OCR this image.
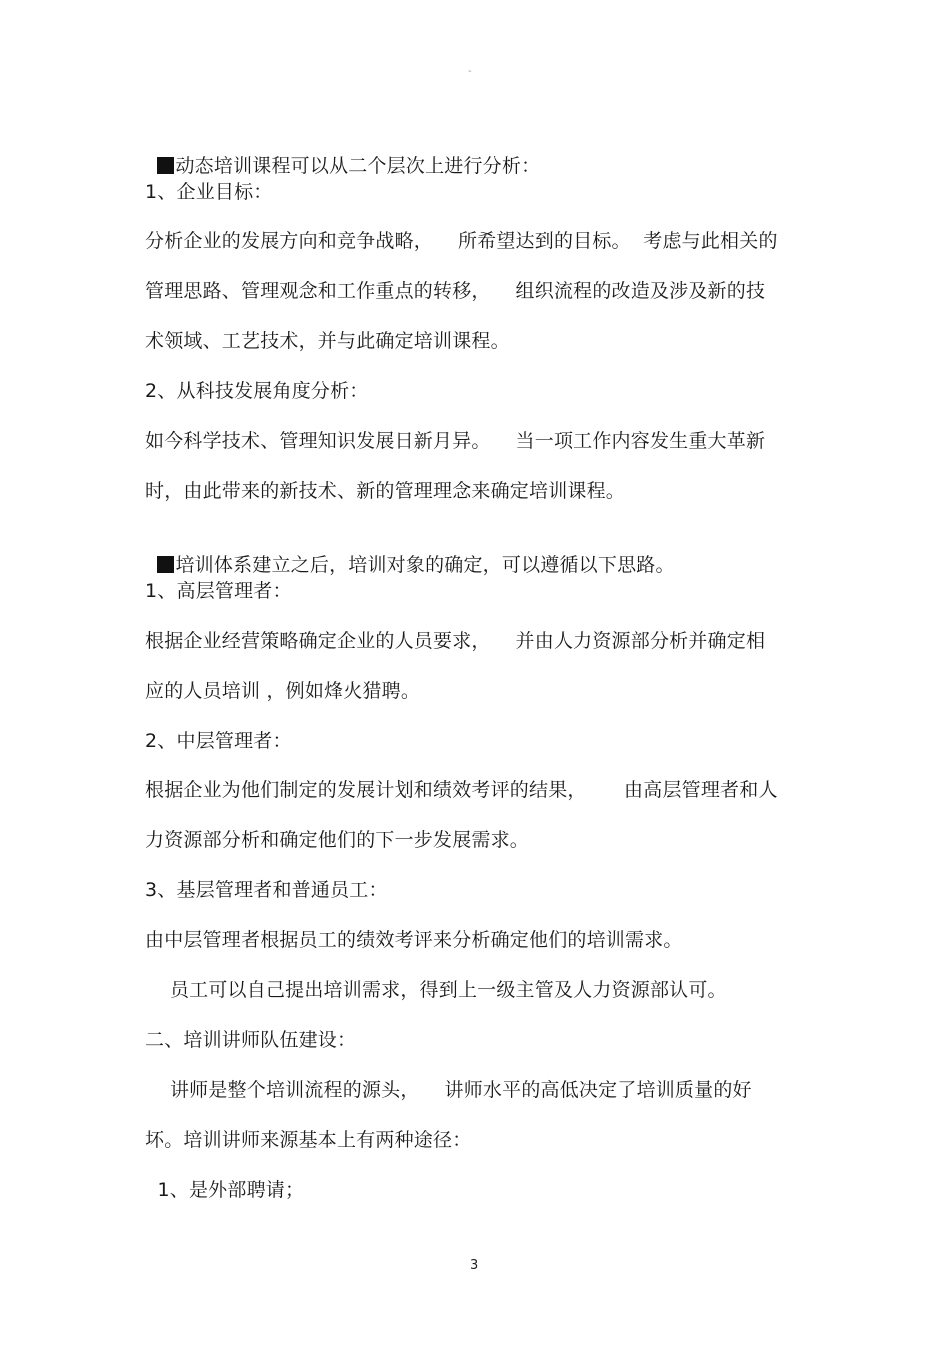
-

动态培训课程可以从二个层次上进行分析：

1、企业目标：
分析企业的发展方向和竞争战略，    所希望达到的目标。  考虑与此相关的
管理思路、管理观念和工作重点的转移，    组织流程的改造及涉及新的技
术领域、工艺技术，并与此确定培训课程。
2、从科技发展角度分析：
如今科学技术、管理知识发展日新月异。    当一项工作内容发生重大革新
时，由此带来的新技术、新的管理理念来确定培训课程。

培训体系建立之后，培训对象的确定，可以遵循以下思路。

1、高层管理者：
根据企业经营策略确定企业的人员要求，    并由人力资源部分析并确定相
应的人员培训 ，例如烽火猎聘。
2、中层管理者：
根据企业为他们制定的发展计划和绩效考评的结果，      由高层管理者和人
力资源部分析和确定他们的下一步发展需求。
3、基层管理者和普通员工：
由中层管理者根据员工的绩效考评来分析确定他们的培训需求。
员工可以自己提出培训需求，得到上一级主管及人力资源部认可。
二、培训讲师队伍建设：
讲师是整个培训流程的源头，    讲师水平的高低决定了培训质量的好
坏。培训讲师来源基本上有两种途径：
1、是外部聘请；
3
